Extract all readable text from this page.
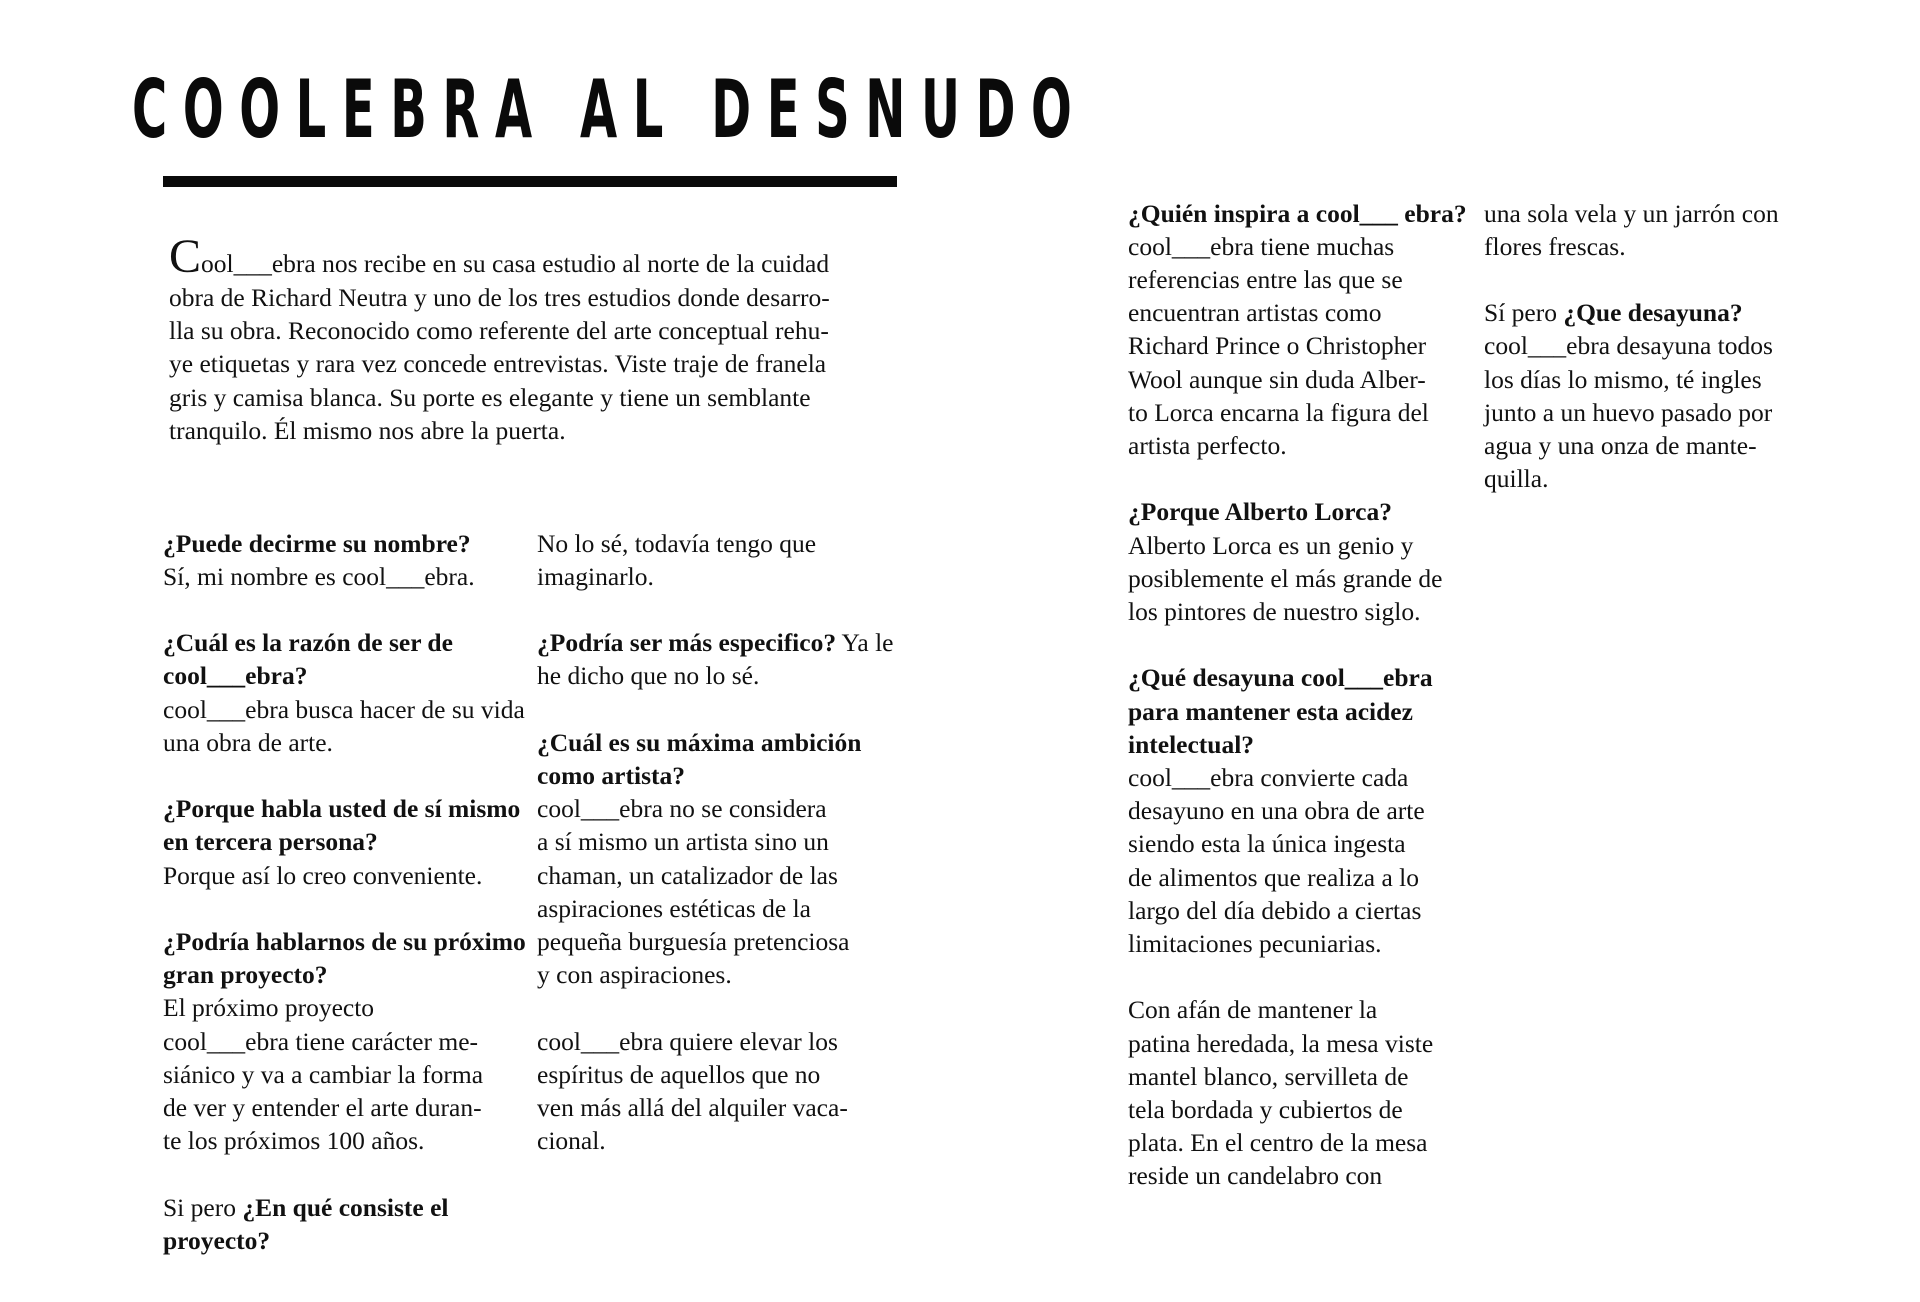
COOLEBRA AL DESNUDO
Cool___ebra nos recibe en su casa estudio al norte de la cuidad
obra de Richard Neutra y uno de los tres estudios donde desarro-
lla su obra. Reconocido como referente del arte conceptual rehu-
ye etiquetas y rara vez concede entrevistas. Viste traje de franela
gris y camisa blanca. Su porte es elegante y tiene un semblante
tranquilo. Él mismo nos abre la puerta.

¿Puede decirme su nombre?
Sí, mi nombre es cool___ebra.

¿Cuál es la razón de ser de cool___ebra?
cool___ebra busca hacer de su vida una obra de arte.

¿Porque habla usted de sí mismo en tercera persona?
Porque así lo creo conveniente.

¿Podría hablarnos de su próximo gran proyecto?
El próximo proyecto
cool___ebra tiene carácter me-
siánico y va a cambiar la forma
de ver y entender el arte duran-
te los próximos 100 años.

Si pero ¿En qué consiste el proyecto?

No lo sé, todavía tengo que imaginarlo.

¿Podría ser más especifico? Ya le he dicho que no lo sé.

¿Cuál es su máxima ambición como artista?
cool___ebra no se considera
a sí mismo un artista sino un
chaman, un catalizador de las
aspiraciones estéticas de la
pequeña burguesía pretenciosa
y con aspiraciones.

cool___ebra quiere elevar los
espíritus de aquellos que no
ven más allá del alquiler vaca-
cional.

¿Quién inspira a cool___ ebra?
cool___ebra tiene muchas
referencias entre las que se
encuentran artistas como
Richard Prince o Christopher
Wool aunque sin duda Alber-
to Lorca encarna la figura del
artista perfecto.

¿Porque Alberto Lorca?
Alberto Lorca es un genio y posiblemente el más grande de los pintores de nuestro siglo.

¿Qué desayuna cool___ebra para mantener esta acidez intelectual?
cool___ebra convierte cada
desayuno en una obra de arte
siendo esta la única ingesta
de alimentos que realiza a lo
largo del día debido a ciertas
limitaciones pecuniarias.

Con afán de mantener la
patina heredada, la mesa viste
mantel blanco, servilleta de
tela bordada y cubiertos de
plata. En el centro de la mesa
reside un candelabro con

una sola vela y un jarrón con
flores frescas.

Sí pero ¿Que desayuna?
cool___ebra desayuna todos
los días lo mismo, té ingles
junto a un huevo pasado por
agua y una onza de mante-
quilla.
